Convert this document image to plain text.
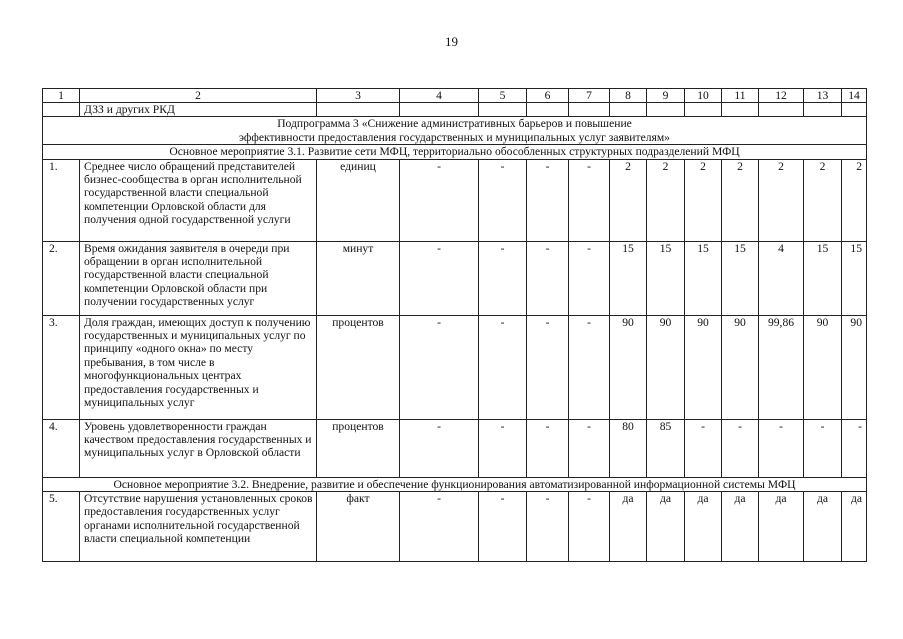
19
1	2	3	4	5	6	7	8	9	10	11	12	13	14
	ДЗЗ и других РКД												

Подпрограмма 3 «Снижение административных барьеров и повышение
эффективности предоставления государственных и муниципальных услуг заявителям»													

Основное мероприятие 3.1. Развитие сети МФЦ, территориально обособленных структурных подразделений МФЦ													
1.	Среднее число обращений представителей бизнес-сообщества в орган исполнительной государственной власти специальной компетенции Орловской области для получения одной государственной услуги	единиц	-	-	-	-	2	2	2	2	2	2	2
2.	Время ожидания заявителя в очереди при обращении в орган исполнительной государственной власти специальной компетенции Орловской области при получении государственных услуг	минут	-	-	-	-	15	15	15	15	4	15	15
3.	Доля граждан, имеющих доступ к получению государственных и муниципальных услуг по принципу «одного окна» по месту пребывания, в том числе в многофункциональных центрах предоставления государственных и муниципальных услуг	процентов	-	-	-	-	90	90	90	90	99,86	90	90
4.	Уровень удовлетворенности граждан качеством предоставления государственных и муниципальных услуг в Орловской области	процентов	-	-	-	-	80	85	-	-	-	-	-
Основное мероприятие 3.2. Внедрение, развитие и обеспечение функционирования автоматизированной информационной системы МФЦ													
5.	Отсутствие нарушения установленных сроков предоставления государственных услуг органами исполнительной государственной власти специальной компетенции	факт	-	-	-	-	да	да	да	да	да	да	да
